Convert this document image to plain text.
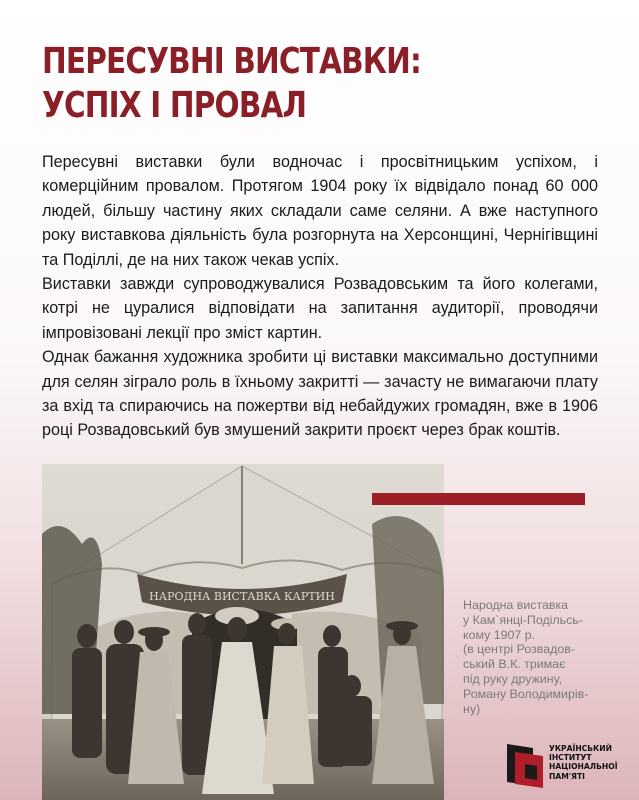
ПЕРЕСУВНІ ВИСТАВКИ:
УСПІХ І ПРОВАЛ

Пересувні виставки були водночас і просвітницьким успіхом, і комерційним провалом. Протягом 1904 року їх відвідало понад 60 000 людей, більшу частину яких складали саме селяни. А вже наступного року виставкова діяльність була розгорнута на Херсонщині, Чернігівщині та Поділлі, де на них також чекав успіх.

Виставки завжди супроводжувалися Розвадовським та його колегами, котрі не цуралися відповідати на запитання аудиторії, проводячи імпровізовані лекції про зміст картин.

Однак бажання художника зробити ці виставки максимально доступними для селян зіграло роль в їхньому закритті — зачасту не вимагаючи плату за вхід та спираючись на пожертви від небайдужих громадян, вже в 1906 році Розвадовський був змушений закрити проєкт через брак коштів.

НАРОДНА ВИСТАВКА КАРТИН

Народна виставка

у Кам`янці-Подільсь-

кому 1907 р.

(в центрі Розвадов-

ський В.К. тримає

під руку дружину,

Роману Володимирів-

ну)

УКРАЇНСЬКИЙ

ІНСТИТУТ

НАЦІОНАЛЬНОЇ

ПАМ'ЯТІ
